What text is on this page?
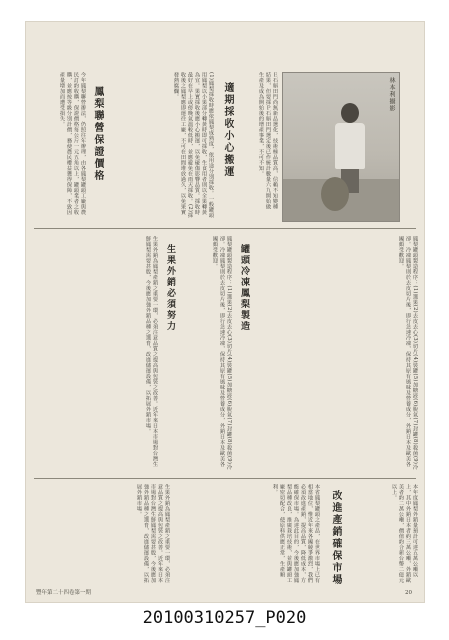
林本利攝影
Ｅ石斛田門尚無新品選化，技術極品質高，信賴不知變種結果，但要採Ｐ石斛田門選定後已作統計數量六九開始做生產及成為開始後的增產事業，不可不知。
適期採收小心搬運
(1)鳳梨採收時應依鳳梨成熟度，依用途分別採收。一般罐頭用鳳梨以小果部分轉黃時即可採收，生食用者則以全果轉黃為宜。果實採收後應小心搬運，以免碰傷影響品質。採收時最好在早上或傍晚氣溫較低時，並應避免在雨天採收。(2)採收後之鳳梨應即運往工廠，不可在田間堆放過久，以免果實發熱腐爛。
鳳梨聯營保證價格
今年鳳梨聯營辦法，仍照往年辦理，由各鳳梨罐頭工廠與農民訂約收購，保證價格每公斤一元五角以上，罐頭業者之收購，並應按等級分別計價，務使農民權益獲得保障，不致因產量增加而遭受損失。
罐頭冷凍鳳梨製造	鳳梨罐頭製造程序：(1)選果(2)去皮去心(3)切片(4)裝罐(5)加糖液(6)脫氣(7)封罐(8)殺菌(9)冷卻。冷凍鳳梨則於去皮切片後，即行急速冷凍，保持其原有風味及營養成分，外銷日本及歐美各國頗受歡迎。
鳳梨罐頭製造程序：(1)選果(2)去皮去心(3)切片(4)裝罐(5)加糖液(6)脫氣(7)封罐(8)殺菌(9)冷卻。冷凍鳳梨則於去皮切片後，即行急速冷凍，保持其原有風味及營養成分，外銷日本及歐美各國頗受歡迎。
生果外銷必須努力
生果外銷為鳳梨產銷之重要一環，必須注意品質之提高與包裝之改善。近年來日本市場對台灣生鮮鳳梨需要甚殷，今後應加強外銷品種之選育，改進儲運設備，以拓展外銷市場。
改進產銷確保市場	本年度鳳梨外銷量預計可達五萬公噸以上，其中外銷日本者約三萬公噸，外銷歐美者約二萬公噸，價值約合新台幣二億元以上。
本省鳳梨罐頭之產品，在世界市場上已有相當地位，惟近年來各國競爭激烈，我們必須改進產銷，提高品質，降低成本，方能確保市場。為達此目的，今後應加強鳳梨品種改良，推廣栽培技術，並與罐頭工廠密切配合，使原料供應正常，生產順利。
生果外銷為鳳梨產銷之重要一環，必須注意品質之提高與包裝之改善。近年來日本市場對台灣生鮮鳳梨需要甚殷，今後應加強外銷品種之選育，改進儲運設備，以拓展外銷市場。
豐年第二十四卷第一期	20
20100310257_P020
